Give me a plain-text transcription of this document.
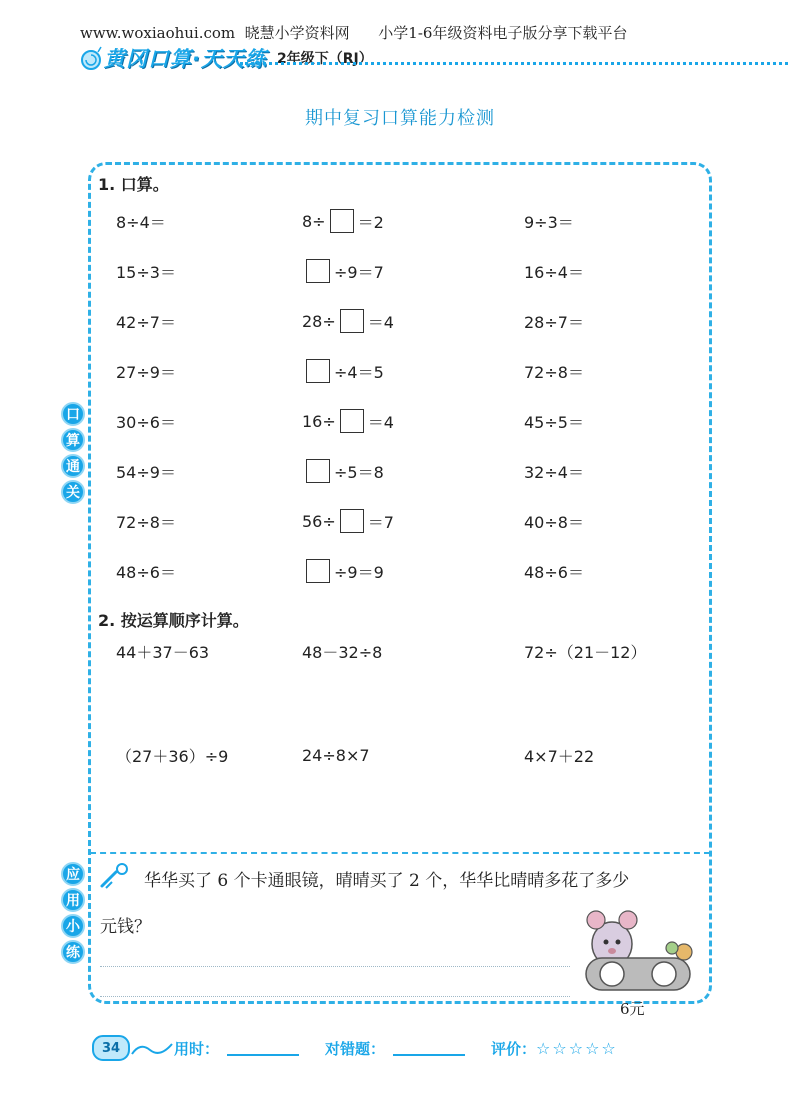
www.woxiaohui.com  晓慧小学资料网      小学1-6年级资料电子版分享下载平台
黄冈口算·天天练 2年级下（RJ）
期中复习口算能力检测
口
算
通
关
应
用
小
练
1. 口算。
8÷4＝	8÷ ＝2	9÷3＝
15÷3＝	÷9＝7	16÷4＝
42÷7＝	28÷ ＝4	28÷7＝
27÷9＝	÷4＝5	72÷8＝
30÷6＝	16÷ ＝4	45÷5＝
54÷9＝	÷5＝8	32÷4＝
72÷8＝	56÷ ＝7	40÷8＝
48÷6＝	÷9＝9	48÷6＝
2. 按运算顺序计算。
44＋37－63	48－32÷8	72÷（21－12）
（27＋36）÷9	24÷8×7	4×7＋22
华华买了 6 个卡通眼镜，晴晴买了 2 个，华华比晴晴多花了多少
元钱？
6元
34	用时：	对错题：	评价： ☆☆☆☆☆
